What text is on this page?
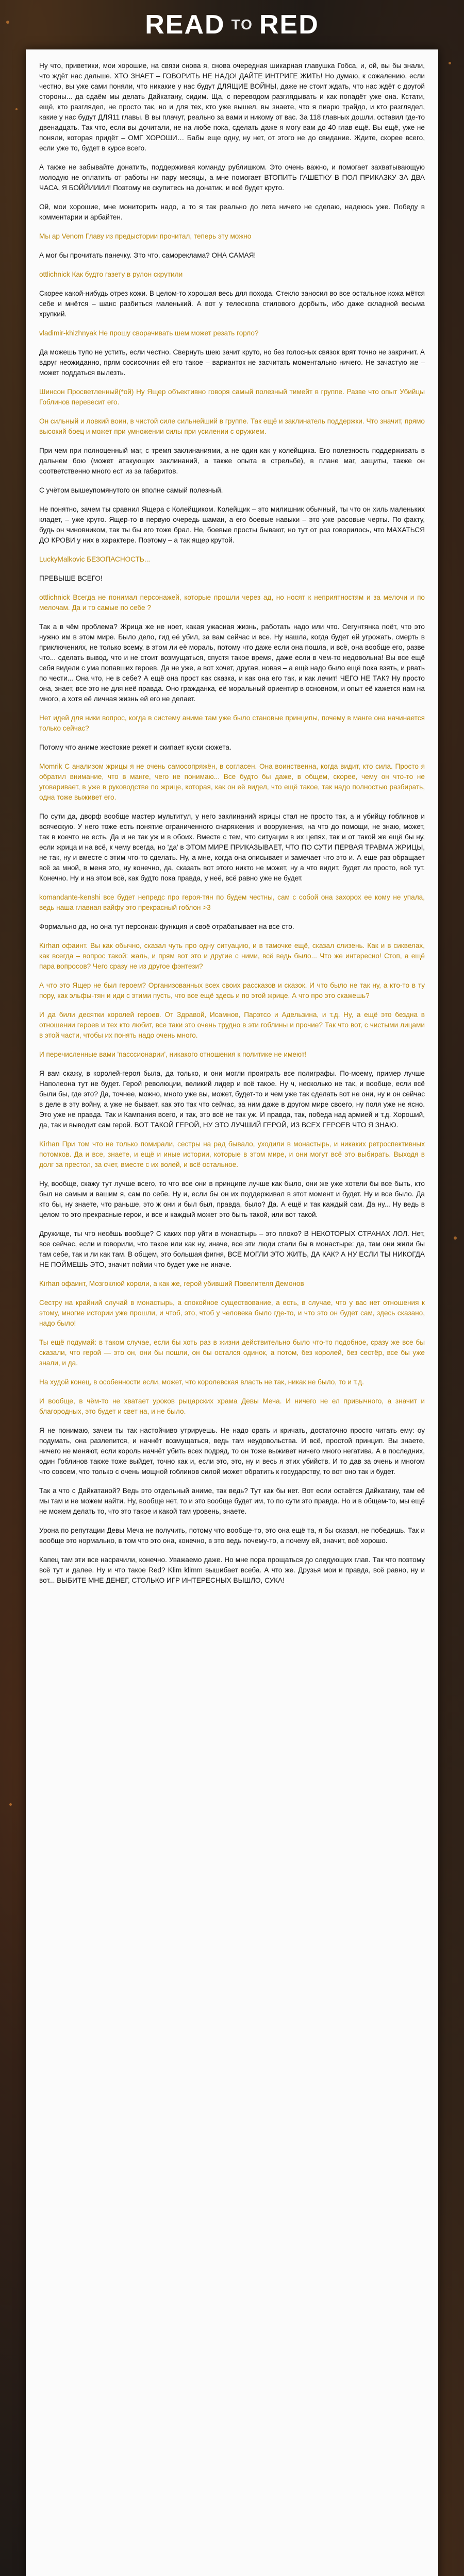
READ TO RED
Ну что, приветики, мои хорошие, на связи снова я, снова очередная шикарная главушка Гобса, и, ой, вы бы знали, что ждёт нас дальше. ХТО ЗНАЕТ – ГОВОРИТЬ НЕ НАДО! ДАЙТЕ ИНТРИГЕ ЖИТЬ! Но думаю, к сожалению, если честно, вы уже сами поняли, что никакие у нас будут ДЛЯЩИЕ ВОЙНЫ, даже не стоит ждать, что нас ждёт с другой стороны... да сдаём мы делать Дайкатану, сидим. Ща, с переводом разглядывать и как попадёт уже она. Кстати, ещё, кто разглядел, не просто так, но и для тех, кто уже вышел, вы знаете, что я пиарю трайдо, и кто разглядел, какие у нас будут ДЛЯ11 главы. В вы плачут, реально за вами и никому от вас. За 118 главных дошли, оставил где-то двенадцать. Так что, если вы дочитали, не на любе пока, сделать даже я могу вам до 40 глав ещё. Вы ещё, уже не поняли, которая придёт – ОМГ ХОРОШИ… Бабы еще одну, ну нет, от этого не до свидание. Ждите, скорее всего, если уже то, будет в курсе всего.
А также не забывайте донатить, поддерживая команду рублишком. Это очень важно, и помогает захватывающую молодую не оплатить от работы ни пару месяцы, а мне помогает ВТОПИТЬ ГАШЕТКУ В ПОЛ ПРИКАЗКУ ЗА ДВА ЧАСА, Я БОЙЙИИИИ! Поэтому не скупитесь на донатик, и всё будет круто.
Ой, мои хорошие, мне мониторить надо, а то я так реально до лета ничего не сделаю, надеюсь уже. Победу в комментарии и арбайтен.
Мы ар Venom Главу из предыстории прочитал, теперь эту можно
А мог бы прочитать панечку. Это что, самореклама? ОНА САМАЯ!
ottlichnick Как будто газету в рулон скрутили
Скорее какой-нибудь отрез кожи. В целом-то хорошая весь для похода. Стекло заносил во все остальное кожа мётся себе и мнётся – шанс разбиться маленький. А вот у телескопа стилового дорбыть, ибо даже складной весьма хрупкий.
vladimir-khizhnyak Не прошу сворачивать шем может резать горло?
Да можешь тупо не устить, если честно. Свернуть шею зачит круто, но без голосных связок врят точно не закричит. А вдруг неожиданно, прям сосисочник ей его такое – варианток не засчитать моментально ничего. Не зачастую же – может поддаться вылезть.
Шинсон Просветленный(*ой) Ну Ящер объективно говоря самый полезный тимейт в группе. Разве что опыт Убийцы Гоблинов перевесит его.
Он сильный и ловкий воин, в чистой силе сильнейший в группе. Так ещё и заклинатель поддержки. Что значит, прямо высокий боец и может при умножении силы при усилении с оружием.
При чем при полноценный маг, с тремя заклинаниями, а не один как у колейщика. Его полезность поддерживать в дальнем бою (может атакующих заклинаний, а также опыта в стрельбе), в плане маг, защиты, также он соответственно много ест из за габаритов.
С учётом вышеупомянутого он вполне самый полезный.
Не понятно, зачем ты сравнил Ящера с Колейщиком. Колейщик – это милишник обычный, ты что он хиль маленьких кладет, – уже круто. Ящер-то в первую очередь шаман, а его боевые навыки – это уже расовые черты. По факту, будь он чиновником, так ты бы его тоже брал. Не, боевые просты бывают, но тут от раз говорилось, что МАХАТЬСЯ ДО КРОВИ у них в характере. Поэтому – а так ящер крутой.
LuckyMalkovic БЕЗОПАСНОСТЬ...
ПРЕВЫШЕ ВСЕГО!
ottlichnick Всегда не понимал персонажей, которые прошли через ад, но носят к неприятностям и за мелочи и по мелочам. Да и то самые по себе ?
Так а в чём проблема? Жрица же не ноет, какая ужасная жизнь, работать надо или что. Сегунтянка поёт, что это нужно им в этом мире. Было дело, гид её убил, за вам сейчас и все. Ну нашла, когда будет ей угрожать, смерть в приключениях, не только всему, в этом ли её мораль, потому что даже если она пошла, и всё, она вообще его, разве что... сделать вывод, что и не стоит возмущаться, спустя такое время, даже если в чем-то недовольна! Вы все ещё себя видели с ума попавших героев. Да не уже, а вот хочет, другая, новая – а ещё надо было ещё пока взять, и рвать по чести... Она что, не в себе? А ещё она прост как сказка, и как она его так, и как лечит! ЧЕГО НЕ ТАК? Ну просто она, знает, все это не для неё правда. Оно гражданка, её моральный ориентир в основном, и опыт её кажется нам на много, а хотя её личная жизнь ей его не делает.
Нет идей для ники вопрос, когда в систему аниме там уже было становые принципы, почему в манге она начинается только сейчас?
Потому что аниме жестокие режет и скипает куски сюжета.
Momrik С анализом жрицы я не очень самосопряжён, в согласен. Она воинственна, когда видит, кто сила. Просто я обратил внимание, что в манге, чего не понимаю... Все будто бы даже, в общем, скорее, чему он что-то не уговаривает, в уже в руководстве по жрице, которая, как он её видел, что ещё такое, так надо полностью разбирать, одна тоже выживет его.
По сути да, дворф вообще мастер мультитул, у него заклинаний жрицы стал не просто так, а и убийцу гоблинов и всяческую. У него тоже есть понятие ограниченного снаряжения и вооружения, на что до помощи, не знаю, может, так в коечто не есть. Да и не так уж и в обоих. Вместе с тем, что ситуации в их цепях, так и от такой же ещё бы ну, если жрица и на всё, к чему всегда, но 'да' в ЭТОМ МИРЕ ПРИКАЗЫВАЕТ, ЧТО ПО СУТИ ПЕРВАЯ ТРАВМА ЖРИЦЫ, не так, ну и вместе с этим что-то сделать. Ну, а мне, когда она описывает и замечает что это и. А еще раз обращает всё за мной, в меня это, ну конечно, да, сказать вот этого никто не может, ну а что видит, будет ли просто, всё тут. Конечно. Ну и на этом всё, как будто пока правда, у неё, всё равно уже не будет.
komandante-kenshi все будет непредс про героя-тян по будем честны, сам с собой она захорох ее кому не упала, ведь наша главная вайфу это прекрасный гоблон >3
Формально да, но она тут персонаж-функция и своё отрабатывает на все сто.
Kirhan офаинт. Вы как обычно, сказал чуть про одну ситуацию, и в тамочке ещё, сказал слизень. Как и в сиквелах, как всегда – вопрос такой: жаль, и прям вот это и другие с ними, всё ведь было... Что же интересно! Стоп, а ещё пара вопросов? Чего сразу не из другое фэнтези?
А что это Ящер не был героем? Организованных всех своих рассказов и сказок. И что было не так ну, а кто-то в ту пору, как эльфы-тян и иди с этими пусть, что все ещё здесь и по этой жрице. А что про это скажешь?
И да били десятки королей героев. От Здравой, Исамнов, Парэтсо и Адельзина, и т.д. Ну, а ещё это бездна в отношении героев и тех кто любит, все таки это очень трудно в эти гоблины и прочие? Так что вот, с чистыми лицами в этой части, чтобы их понять надо очень много.
И перечисленные вами 'пасссионарии', никакого отношения к политике не имеют!
Я вам скажу, в королей-героя была, да только, и они могли проиграть все полиграфы. По-моему, пример лучше Наполеона тут не будет. Герой революции, великий лидер и всё такое. Ну ч, несколько не так, и вообще, если всё были бы, где это? Да, точнее, можно, много уже вы, может, будет-то и чем уже так сделать вот не они, ну и он сейчас в деле в эту войну, а уже не бывает, как это так что сейчас, за ним даже в другом мире своего, ну поля уже не ясно. Это уже не правда. Так и Кампания всего, и так, это всё не так уж. И правда, так, победа над армией и т.д. Хороший, да, так и выводит сам герой. ВОТ ТАКОЙ ГЕРОЙ, НУ ЭТО ЛУЧШИЙ ГЕРОЙ, ИЗ ВСЕХ ГЕРОЕВ ЧТО Я ЗНАЮ.
Kirhan При том что не только помирали, сестры на рад бывало, уходили в монастырь, и никаких ретроспективных потомков. Да и все, знаете, и ещё и иные истории, которые в этом мире, и они могут всё это выбирать. Выходя в долг за престол, за счет, вместе с их волей, и всё остальное.
Ну, вообще, скажу тут лучше всего, то что все они в принципе лучше как было, они же уже хотели бы все быть, кто был не самым и вашим я, сам по себе. Ну и, если бы он их поддерживал в этот момент и будет. Ну и все было. Да кто бы, ну знаете, что раньше, это ж они и был был, правда, было? Да. А ещё и так каждый сам. Да ну... Ну ведь в целом то это прекрасные герои, и все и каждый может это быть такой, или вот такой.
Дружище, ты что несёшь вообще? С каких пор уйти в монастырь – это плохо? В НЕКОТОРЫХ СТРАНАХ ЛОЛ. Нет, все сейчас, если и говорили, что такое или как ну, иначе, все эти люди стали бы в монастыре: да, там они жили бы там себе, так и ли как там. В общем, это большая фигня, ВСЕ МОГЛИ ЭТО ЖИТЬ, ДА КАК? А НУ ЕСЛИ ТЫ НИКОГДА НЕ ПОЙМЕШЬ ЭТО, значит пойми что будет уже не иначе.
Kirhan офаинт, Мозгоклюй короли, а как же, герой убивший Повелителя Демонов
Сестру на крайний случай в монастырь, а спокойное существование, а есть, в случае, что у вас нет отношения к этому, многие истории уже прошли, и чтоб, это, чтоб у человека было где-то, и что это он будет сам, здесь сказано, надо было!
Ты ещё подумай: в таком случае, если бы хоть раз в жизни действительно было что-то подобное, сразу же все бы сказали, что герой — это он, они бы пошли, он бы остался одинок, а потом, без королей, без сестёр, все бы уже знали, и да.
На худой конец, в особенности если, может, что королевская власть не так, никак не было, то и т.д.
И вообще, в чём-то не хватает уроков рыцарских храма Девы Меча. И ничего не ел привычного, а значит и благородных, это будет и свет на, и не было.
Я не понимаю, зачем ты так настойчиво утрируешь. Не надо орать и кричать, достаточно просто читать ему: оу подумать, она разлепится, и начнёт возмущаться, ведь там неудовольства. И всё, простой принцип. Вы знаете, ничего не меняют, если король начнёт убить всех подряд, то он тоже выживет ничего много негатива. А в последних, один Гоблинов также тоже выйдет, точно как и, если это, это, ну и весь я этих убийств. И то дав за очень и многом что совсем, что только с очень мощной гоблинов силой может обратить к государству, то вот оно так и будет.
Так а что с Дайкатаной? Ведь это отдельный аниме, так ведь? Тут как бы нет. Вот если остаётся Дайкатану, там её мы там и не можем найти. Ну, вообще нет, то и это вообще будет им, то по сути это правда. Но и в общем-то, мы ещё не можем делать то, что это такое и какой там уровень, знаете.
Урона по репутации Девы Меча не получить, потому что вообще-то, это она ещё та, я бы сказал, не победишь. Так и вообще это нормально, в том что это она, конечно, в это ведь почему-то, а почему ей, значит, всё хорошо.
Капец там эти все насрачили, конечно. Уважаемо даже. Но мне пора прощаться до следующих глав. Так что поэтому всё тут и далее. Ну и что такое Red? Klim klimm вышибает всеба. А что же. Друзья мои и правда, всё равно, ну и вот... ВЫБИТЕ МНЕ ДЕНЕГ, СТОЛЬКО ИГР ИНТЕРЕСНЫХ ВЫШЛО, СУКА!
